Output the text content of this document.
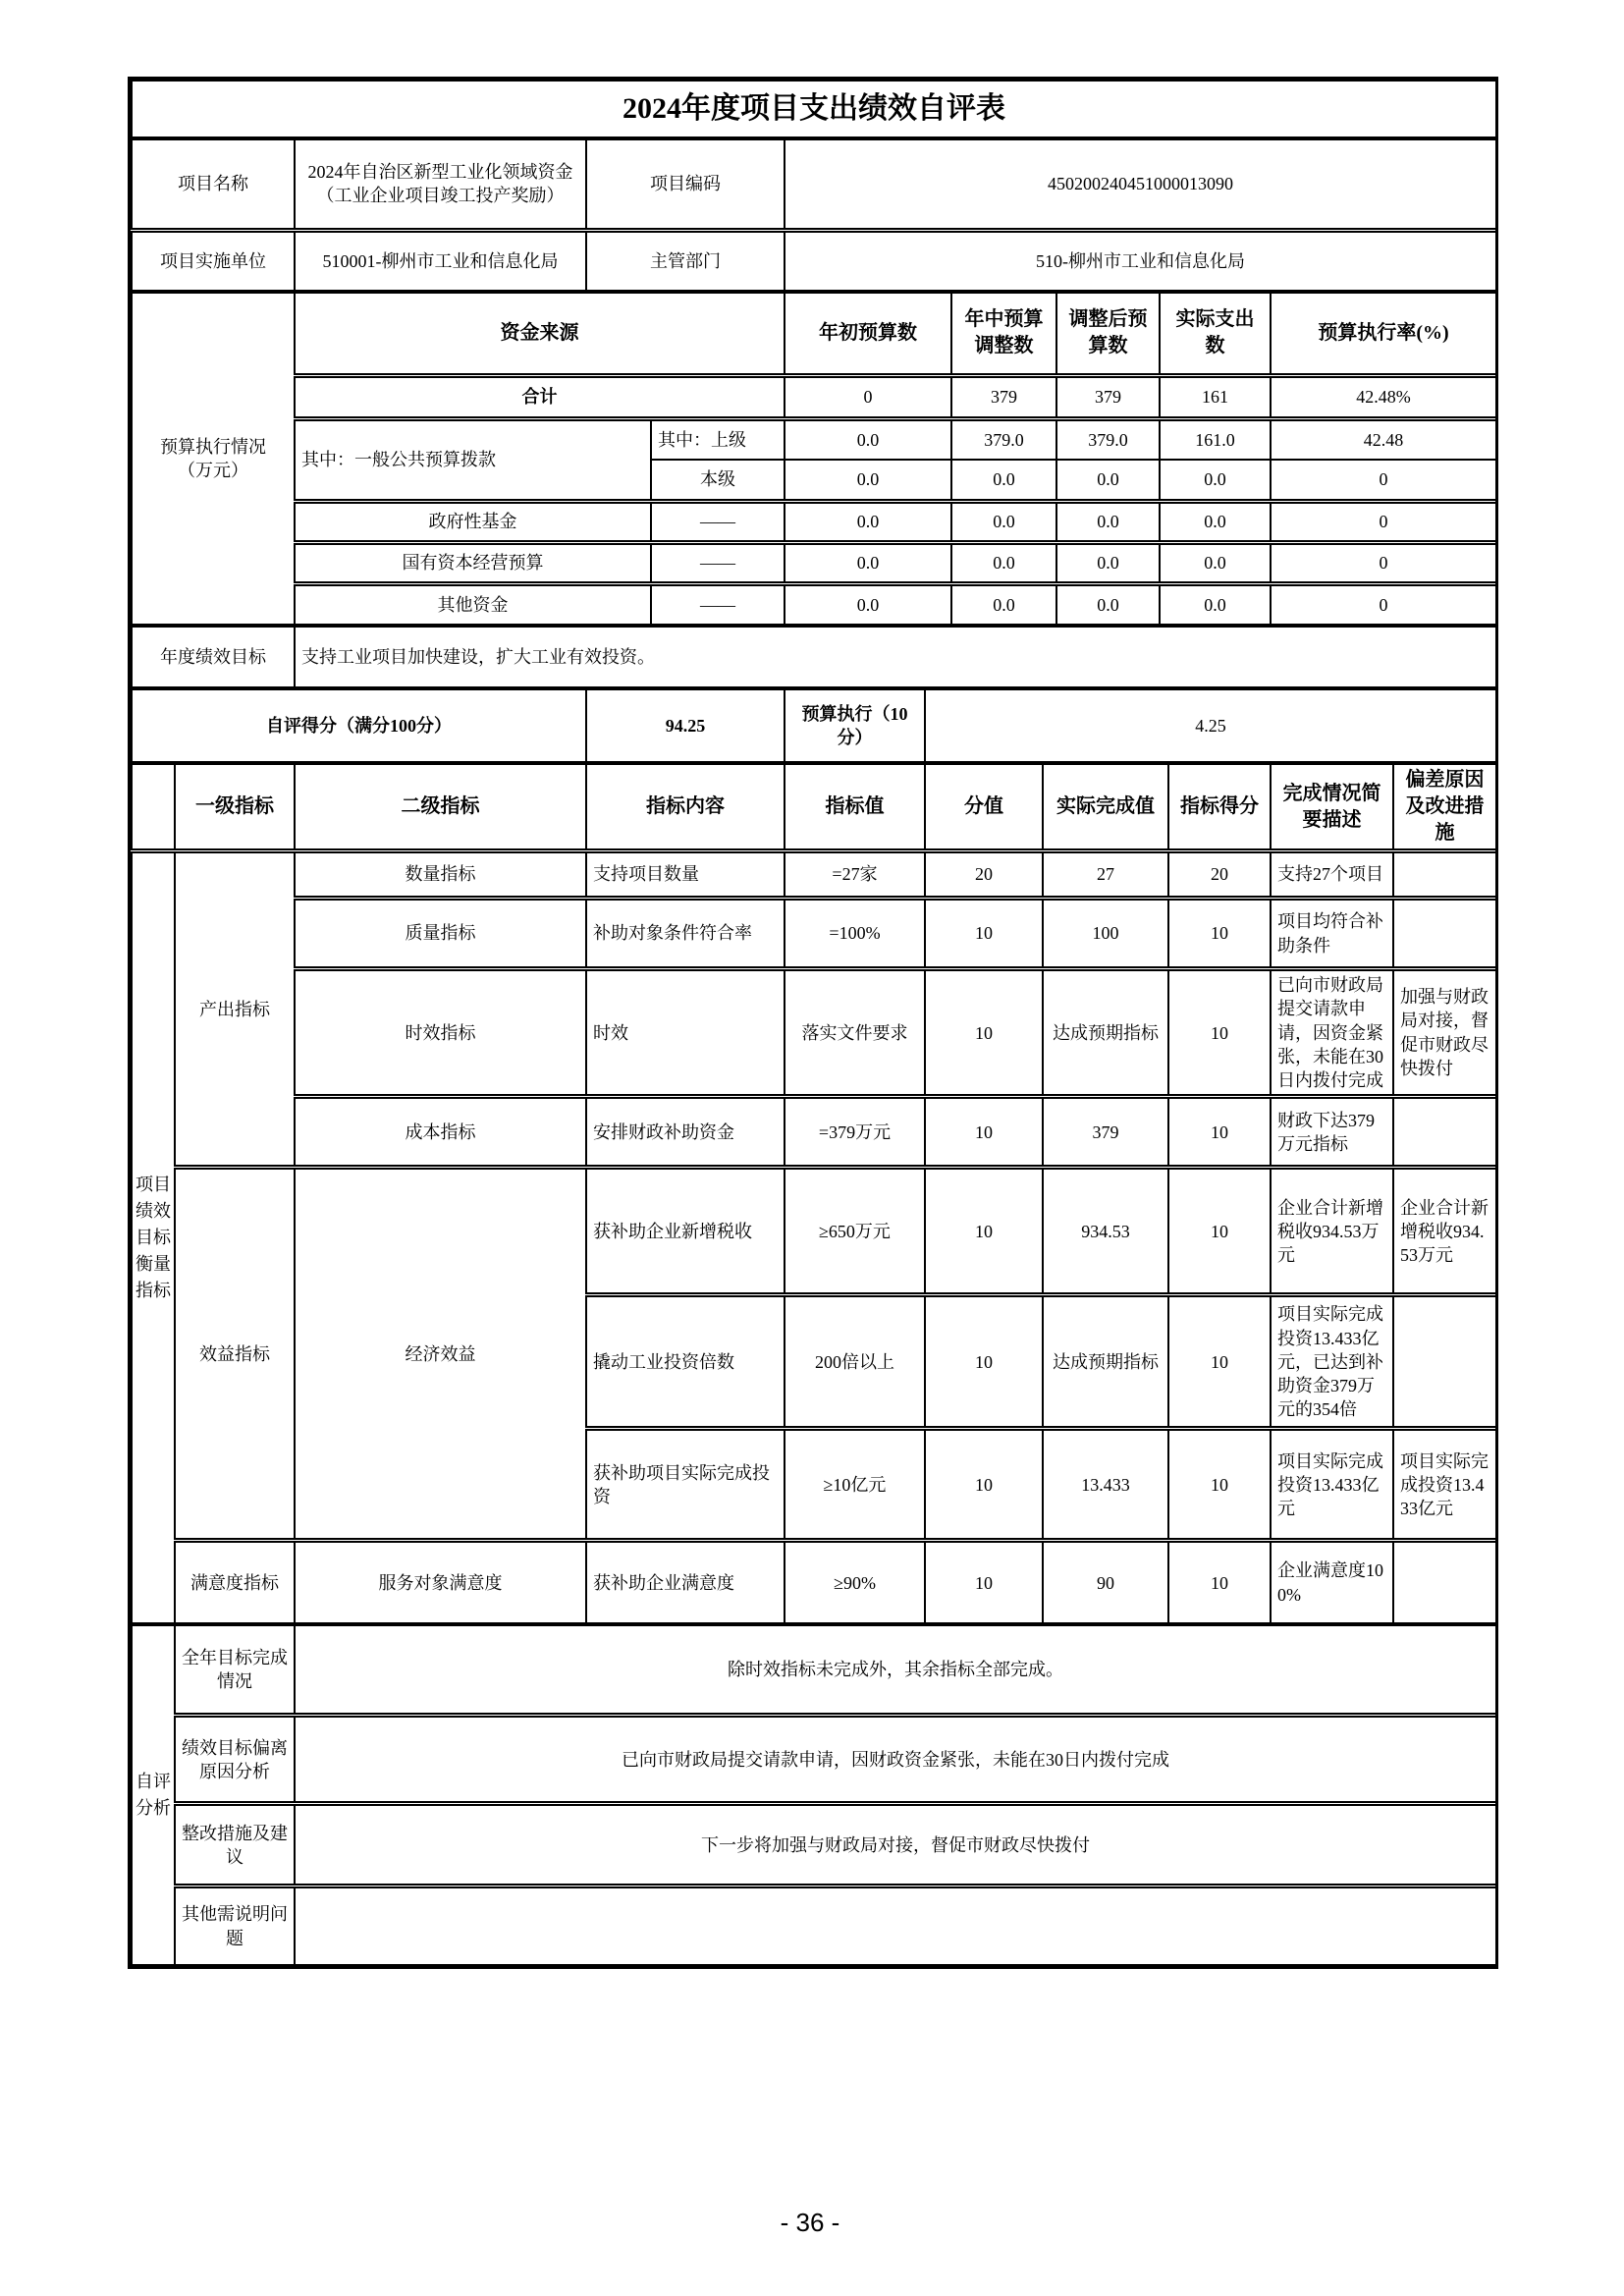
2024年度项目支出绩效自评表
项目名称	2024年自治区新型工业化领域资金（工业企业项目竣工投产奖励）	项目编码	450200240451000013090
项目实施单位	510001-柳州市工业和信息化局	主管部门	510-柳州市工业和信息化局
预算执行情况（万元）	资金来源		年初预算数	年中预算调整数	调整后预算数	实际支出数	预算执行率(%)
	合计		0	379	379	161	42.48%
	其中：一般公共预算拨款	其中：上级	0.0	379.0	379.0	161.0	42.48
		本级	0.0	0.0	0.0	0.0	0
	政府性基金	——	0.0	0.0	0.0	0.0	0
	国有资本经营预算	——	0.0	0.0	0.0	0.0	0
	其他资金	——	0.0	0.0	0.0	0.0	0
年度绩效目标	支持工业项目加快建设，扩大工业有效投资。
自评得分（满分100分）	94.25	预算执行（10分）	4.25
	一级指标	二级指标	指标内容	指标值	分值	实际完成值	指标得分	完成情况简要描述	偏差原因及改进措施
项目绩效目标衡量指标	产出指标	数量指标	支持项目数量	=27家	20	27	20	支持27个项目	
		质量指标	补助对象条件符合率	=100%	10	100	10	项目均符合补助条件	
		时效指标	时效	落实文件要求	10	达成预期指标	10	已向市财政局提交请款申请，因资金紧张，未能在30日内拨付完成	加强与财政局对接，督促市财政尽快拨付
		成本指标	安排财政补助资金	=379万元	10	379	10	财政下达379万元指标	
	效益指标	经济效益	获补助企业新增税收	≥650万元	10	934.53	10	企业合计新增税收934.53万元	企业合计新增税收934.53万元
			撬动工业投资倍数	200倍以上	10	达成预期指标	10	项目实际完成投资13.433亿元，已达到补助资金379万元的354倍	
			获补助项目实际完成投资	≥10亿元	10	13.433	10	项目实际完成投资13.433亿元	项目实际完成投资13.433亿元
	满意度指标	服务对象满意度	获补助企业满意度	≥90%	10	90	10	企业满意度100%	
自评分析	全年目标完成情况	除时效指标未完成外，其余指标全部完成。
	绩效目标偏离原因分析	已向市财政局提交请款申请，因财政资金紧张，未能在30日内拨付完成
	整改措施及建议	下一步将加强与财政局对接，督促市财政尽快拨付
	其他需说明问题	
- 36 -
